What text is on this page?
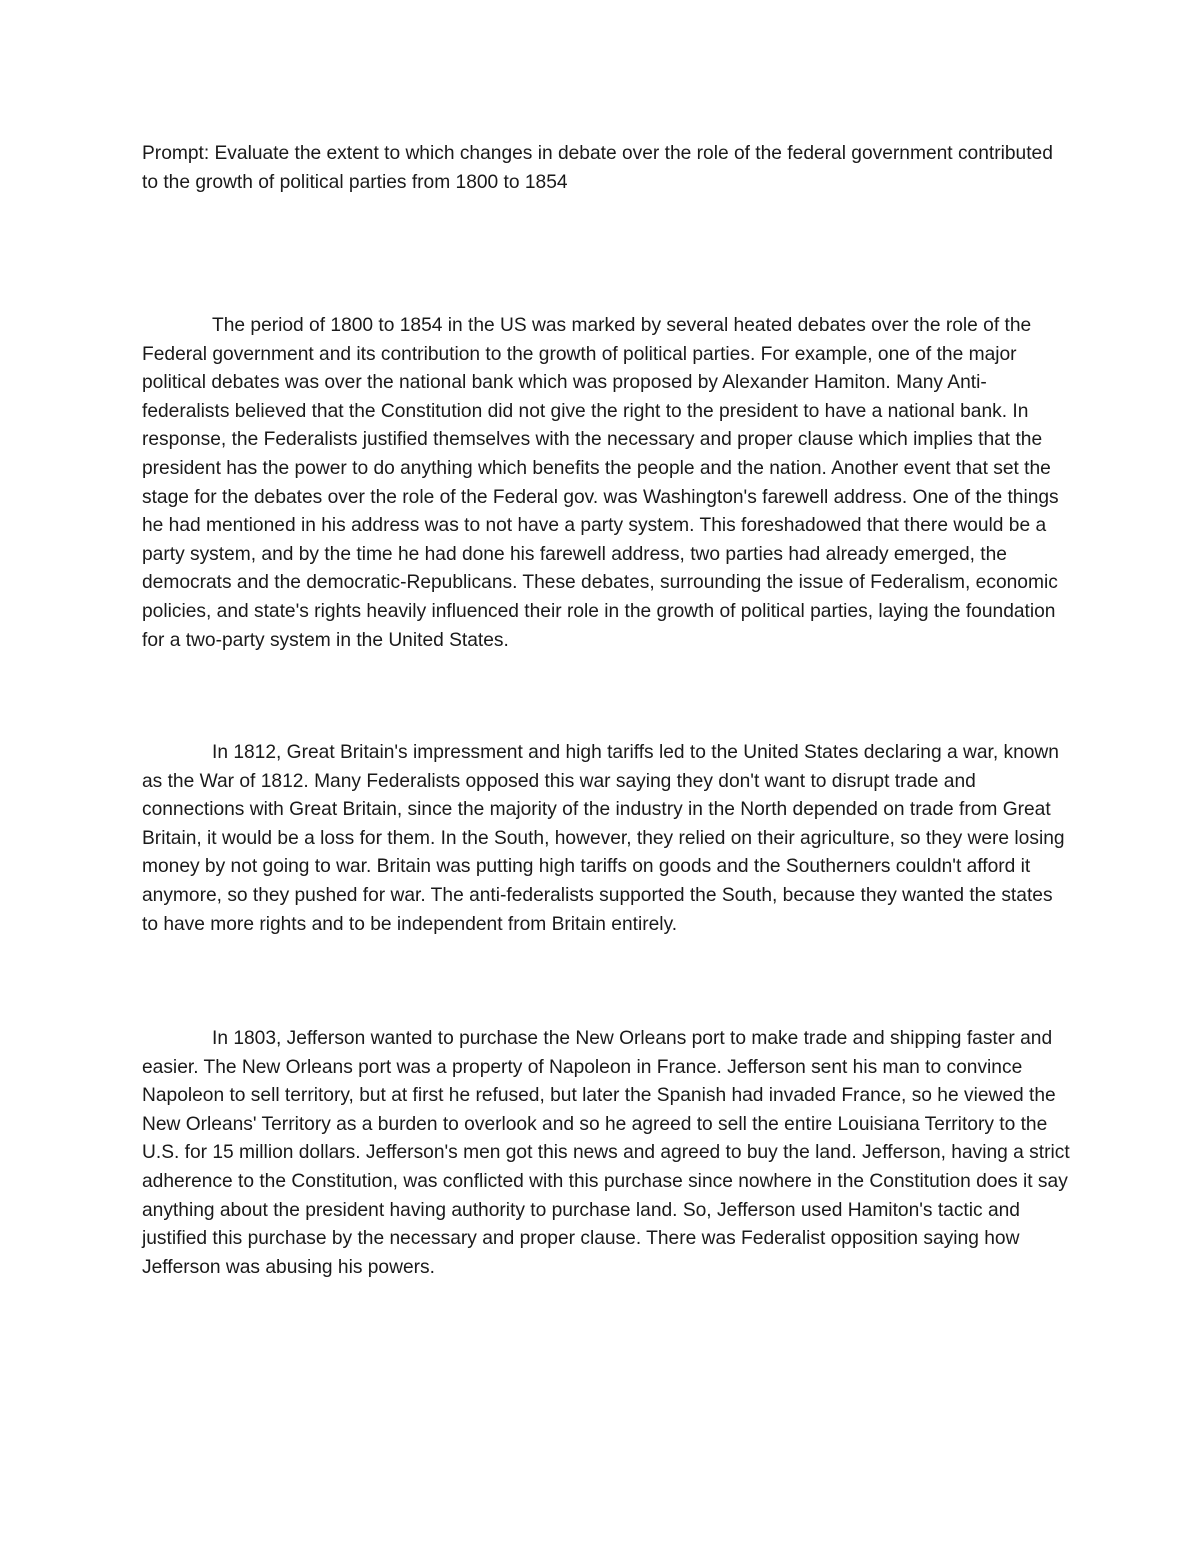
Prompt: Evaluate the extent to which changes in debate over the role of the federal government contributed to the growth of political parties from 1800 to 1854

The period of 1800 to 1854 in the US was marked by several heated debates over the role of the Federal government and its contribution to the growth of political parties. For example, one of the major political debates was over the national bank which was proposed by Alexander Hamiton. Many Anti-federalists believed that the Constitution did not give the right to the president to have a national bank. In response, the Federalists justified themselves with the necessary and proper clause which implies that the president has the power to do anything which benefits the people and the nation. Another event that set the stage for the debates over the role of the Federal gov. was Washington's farewell address. One of the things he had mentioned in his address was to not have a party system. This foreshadowed that there would be a party system, and by the time he had done his farewell address, two parties had already emerged, the democrats and the democratic-Republicans. These debates, surrounding the issue of Federalism, economic policies, and state's rights heavily influenced their role in the growth of political parties, laying the foundation for a two-party system in the United States.

In 1812, Great Britain's impressment and high tariffs led to the United States declaring a war, known as the War of 1812. Many Federalists opposed this war saying they don't want to disrupt trade and connections with Great Britain, since the majority of the industry in the North depended on trade from Great Britain, it would be a loss for them. In the South, however, they relied on their agriculture, so they were losing money by not going to war. Britain was putting high tariffs on goods and the Southerners couldn't afford it anymore, so they pushed for war. The anti-federalists supported the South, because they wanted the states to have more rights and to be independent from Britain entirely.

In 1803, Jefferson wanted to purchase the New Orleans port to make trade and shipping faster and easier. The New Orleans port was a property of Napoleon in France. Jefferson sent his man to convince Napoleon to sell territory, but at first he refused, but later the Spanish had invaded France, so he viewed the New Orleans' Territory as a burden to overlook and so he agreed to sell the entire Louisiana Territory to the U.S. for 15 million dollars. Jefferson's men got this news and agreed to buy the land. Jefferson, having a strict adherence to the Constitution, was conflicted with this purchase since nowhere in the Constitution does it say anything about the president having authority to purchase land. So, Jefferson used Hamiton's tactic and justified this purchase by the necessary and proper clause. There was Federalist opposition saying how Jefferson was abusing his powers.
